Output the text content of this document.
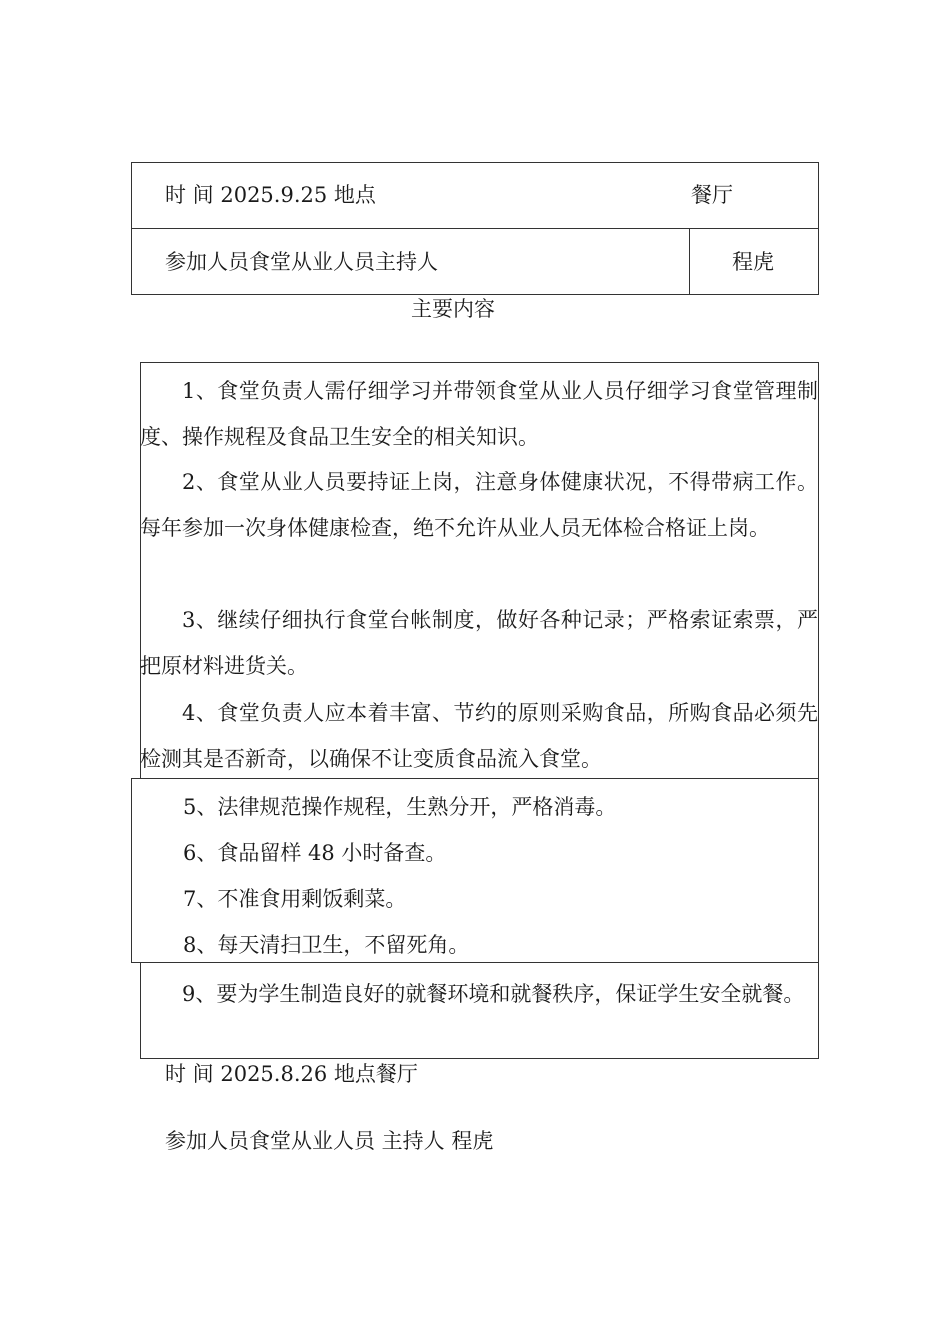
时 间 2025.9.25 地点	餐厅
参加人员食堂从业人员主持人	程虎
主要内容
1、食堂负责人需仔细学习并带领食堂从业人员仔细学习食堂管理制度、操作规程及食品卫生安全的相关知识。
2、食堂从业人员要持证上岗，注意身体健康状况，不得带病工作。每年参加一次身体健康检查，绝不允许从业人员无体检合格证上岗。
3、继续仔细执行食堂台帐制度，做好各种记录；严格索证索票，严把原材料进货关。
4、食堂负责人应本着丰富、节约的原则采购食品，所购食品必须先检测其是否新奇，以确保不让变质食品流入食堂。
5、法律规范操作规程，生熟分开，严格消毒。
6、食品留样 48 小时备查。
7、不准食用剩饭剩菜。
8、每天清扫卫生，不留死角。
9、要为学生制造良好的就餐环境和就餐秩序，保证学生安全就餐。
时 间 2025.8.26 地点餐厅
参加人员食堂从业人员 主持人 程虎
